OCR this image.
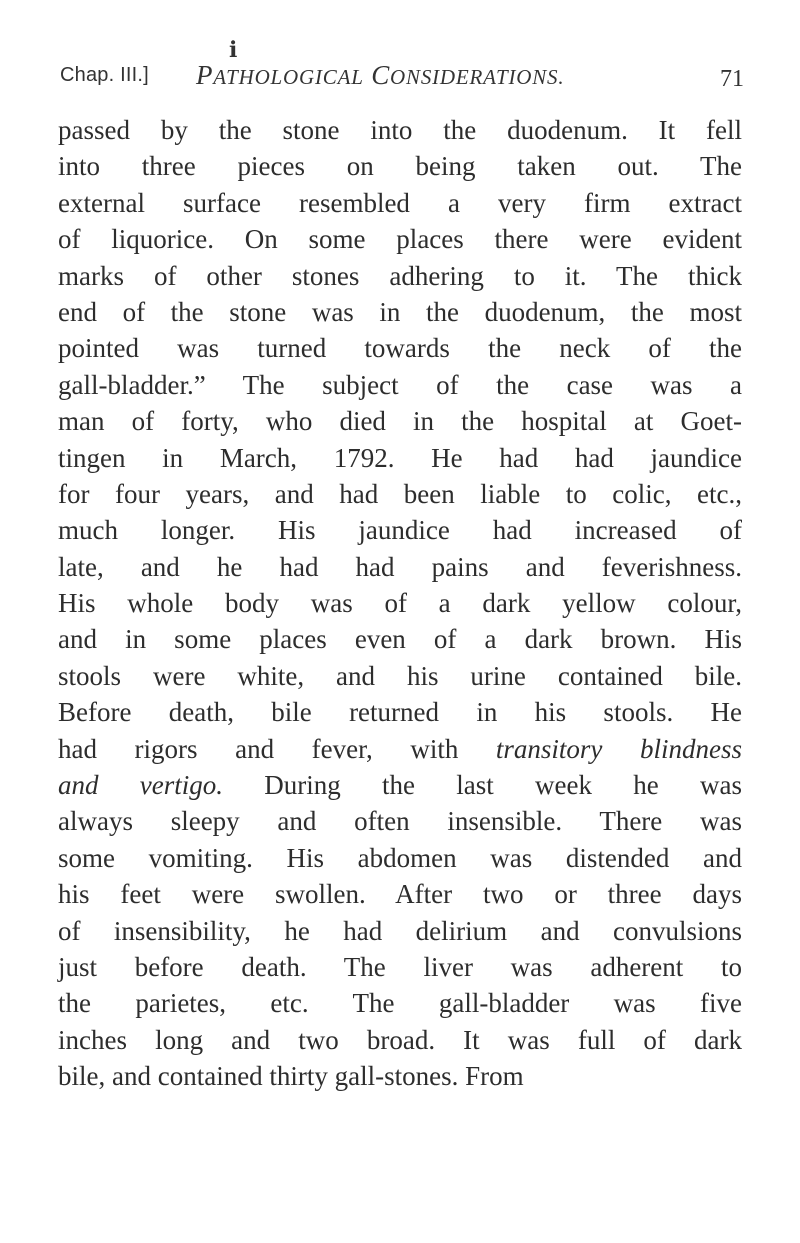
ℹ
Chap. III.] PATHOLOGICAL CONSIDERATIONS.	71
passed by the stone into the duodenum. It fell
into three pieces on being taken out. The
external surface resembled a very firm extract
of liquorice. On some places there were evident
marks of other stones adhering to it. The thick
end of the stone was in the duodenum, the most
pointed was turned towards the neck of the
gall-bladder.” The subject of the case was a
man of forty, who died in the hospital at Goet-
tingen in March, 1792. He had had jaundice
for four years, and had been liable to colic, etc.,
much longer. His jaundice had increased of
late, and he had had pains and feverishness.
His whole body was of a dark yellow colour,
and in some places even of a dark brown. His
stools were white, and his urine contained bile.
Before death, bile returned in his stools. He
had rigors and fever, with transitory blindness
and vertigo. During the last week he was
always sleepy and often insensible. There was
some vomiting. His abdomen was distended and
his feet were swollen. After two or three days
of insensibility, he had delirium and convulsions
just before death. The liver was adherent to
the parietes, etc. The gall-bladder was five
inches long and two broad. It was full of dark
bile, and contained thirty gall-stones. From
